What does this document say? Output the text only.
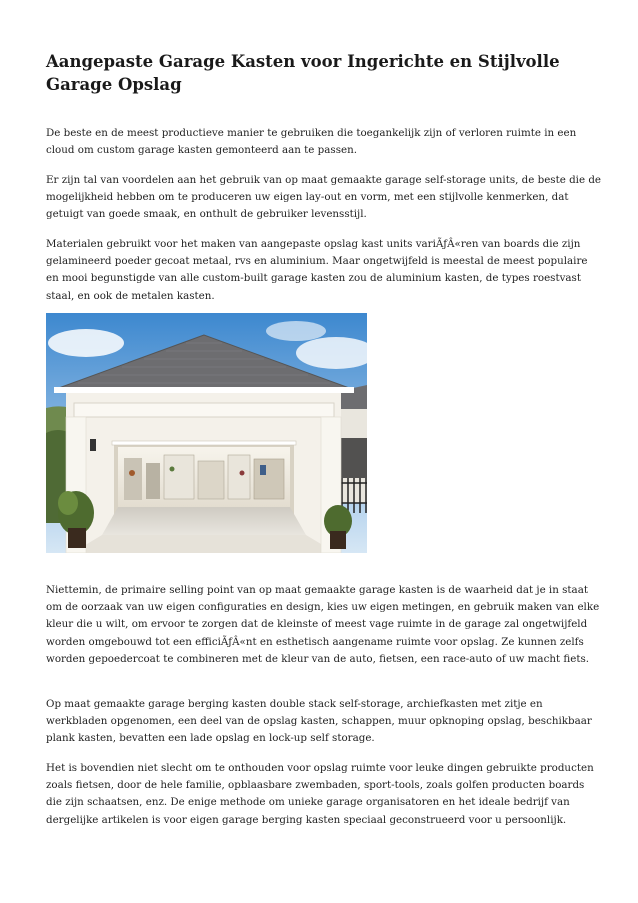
Aangepaste Garage Kasten voor Ingerichte en Stijlvolle Garage Opslag

De beste en de meest productieve manier te gebruiken die toegankelijk zijn of verloren ruimte in een cloud om custom garage kasten gemonteerd aan te passen.

Er zijn tal van voordelen aan het gebruik van op maat gemaakte garage self-storage units, de beste die de mogelijkheid hebben om te produceren uw eigen lay-out en vorm, met een stijlvolle kenmerken, dat getuigt van goede smaak, en onthult de gebruiker levensstijl.

Materialen gebruikt voor het maken van aangepaste opslag kast units variÃƒÂ«ren van boards die zijn gelamineerd poeder gecoat metaal, rvs en aluminium. Maar ongetwijfeld is meestal de meest populaire en mooi begunstigde van alle custom-built garage kasten zou de aluminium kasten, de types roestvast staal, en ook de metalen kasten.

Niettemin, de primaire selling point van op maat gemaakte garage kasten is de waarheid dat je in staat om de oorzaak van uw eigen configuraties en design, kies uw eigen metingen, en gebruik maken van elke kleur die u wilt, om ervoor te zorgen dat de kleinste of meest vage ruimte in de garage zal ongetwijfeld worden omgebouwd tot een efficiÃƒÂ«nt en esthetisch aangename ruimte voor opslag. Ze kunnen zelfs worden gepoedercoat te combineren met de kleur van de auto, fietsen, een race-auto of uw macht fiets.

Op maat gemaakte garage berging kasten double stack self-storage, archiefkasten met zitje en werkbladen opgenomen, een deel van de opslag kasten, schappen, muur opknoping opslag, beschikbaar plank kasten, bevatten een lade opslag en lock-up self storage.

Het is bovendien niet slecht om te onthouden voor opslag ruimte voor leuke dingen gebruikte producten zoals fietsen, door de hele familie, opblaasbare zwembaden, sport-tools, zoals golfen producten boards die zijn schaatsen, enz. De enige methode om unieke garage organisatoren en het ideale bedrijf van dergelijke artikelen is voor eigen garage berging kasten speciaal geconstrueerd voor u persoonlijk.
